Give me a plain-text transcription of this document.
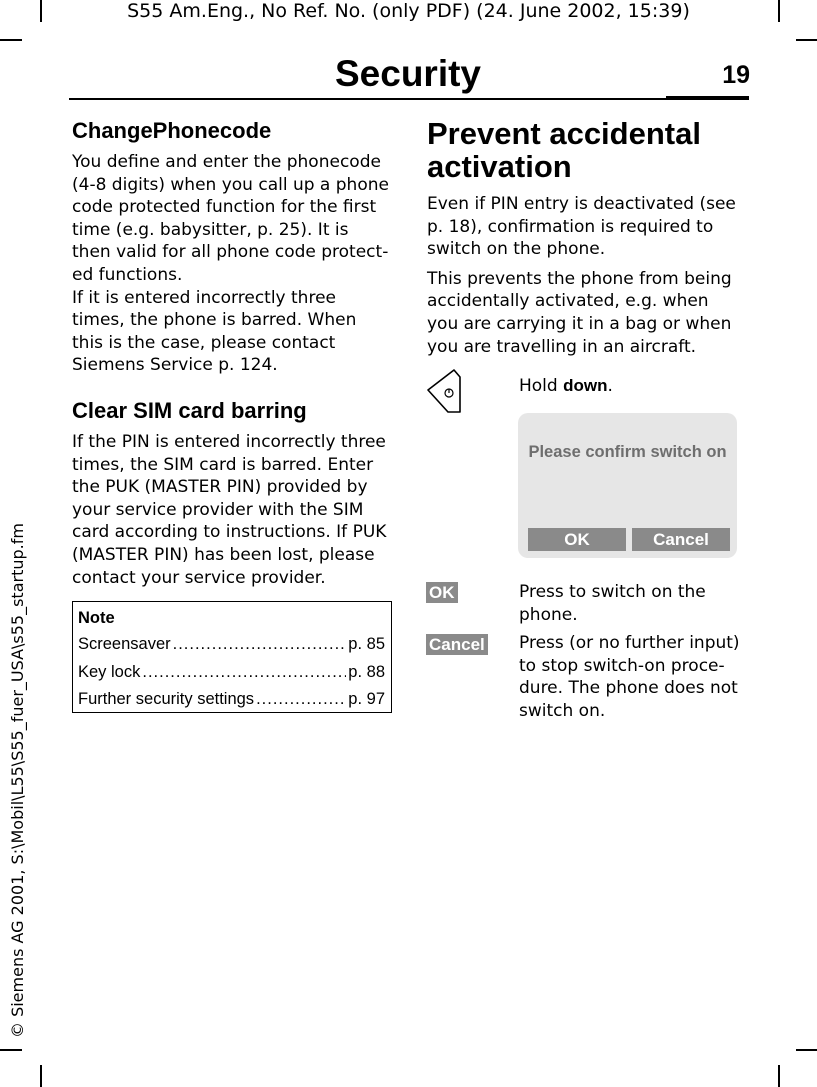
S55 Am.Eng., No Ref. No. (only PDF) (24. June 2002, 15:39)
Security	19
© Siemens AG 2001, S:\Mobil\L55\S55_fuer_USA\s55_startup.fm
ChangePhonecode

You define and enter the phonecode
(4-8 digits) when you call up a phone
code protected function for the first
time (e.g. babysitter, p. 25). It is
then valid for all phone code protect-
ed functions.
If it is entered incorrectly three
times, the phone is barred. When
this is the case, please contact
Siemens Service p. 124.

Clear SIM card barring

If the PIN is entered incorrectly three
times, the SIM card is barred. Enter
the PUK (MASTER PIN) provided by
your service provider with the SIM
card according to instructions. If PUK
(MASTER PIN) has been lost, please
contact your service provider.

Note
Screensaver .....	p. 85
Key lock .....	p. 88
Further security settings .....	p. 97
Prevent accidental
activation

Even if PIN entry is deactivated (see
p. 18), confirmation is required to
switch on the phone.

This prevents the phone from being
accidentally activated, e.g. when
you are carrying it in a bag or when
you are travelling in an aircraft.

Hold down.
Please confirm switch on
OK	Cancel
OK	Press to switch on the
phone.
Cancel Press (or no further input)
to stop switch-on proce-
dure. The phone does not
switch on.
